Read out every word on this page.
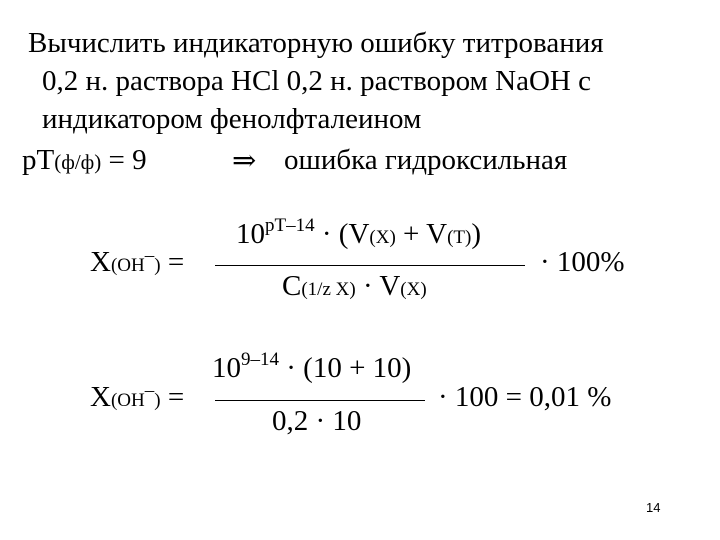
Вычислить индикаторную ошибку титрования
0,2 н. раствора HCl 0,2 н. раствором NaOH с
индикатором фенолфталеином
pT(ф/ф) = 9	⇒ ошибка гидроксильная
X(OH–) =
$10^{pT-14} \cdot (V(X) + V(T))$
C(1/z X) · V(X)
· 100%
X(OH–) =
$10^{9-14} \cdot (10 + 10)$
0,2 · 10
· 100 = 0,01 %
14
